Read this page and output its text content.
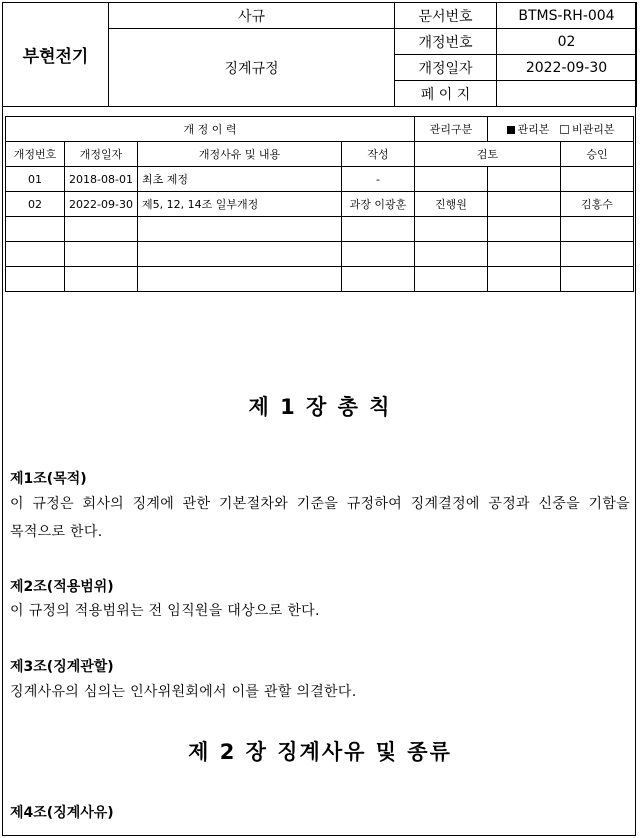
부현전기	사규	문서번호	BTMS-RH-004
	징계규정	개정번호	02
		개정일자	2022-09-30
		페 이 지	
개 정 이 력				관리구분	관리본 비관리본	
개정번호	개정일자	개정사유 및 내용	작성	검토		승인
01	2018-08-01	최초 제정	-			
02	2022-09-30	제5, 12, 14조 일부개정	과장 이광훈	진행원		김홍수

제 1 장 총 칙
제1조(목적)
이 규정은 회사의 징계에 관한 기본절차와 기준을 규정하여 징계결정에 공정과 신중을 기함을 목적으로 한다.
제2조(적용범위)
이 규정의 적용범위는 전 임직원을 대상으로 한다.
제3조(징계관할)
징계사유의 심의는 인사위원회에서 이를 관할 의결한다.
제 2 장 징계사유 및 종류
제4조(징계사유)
